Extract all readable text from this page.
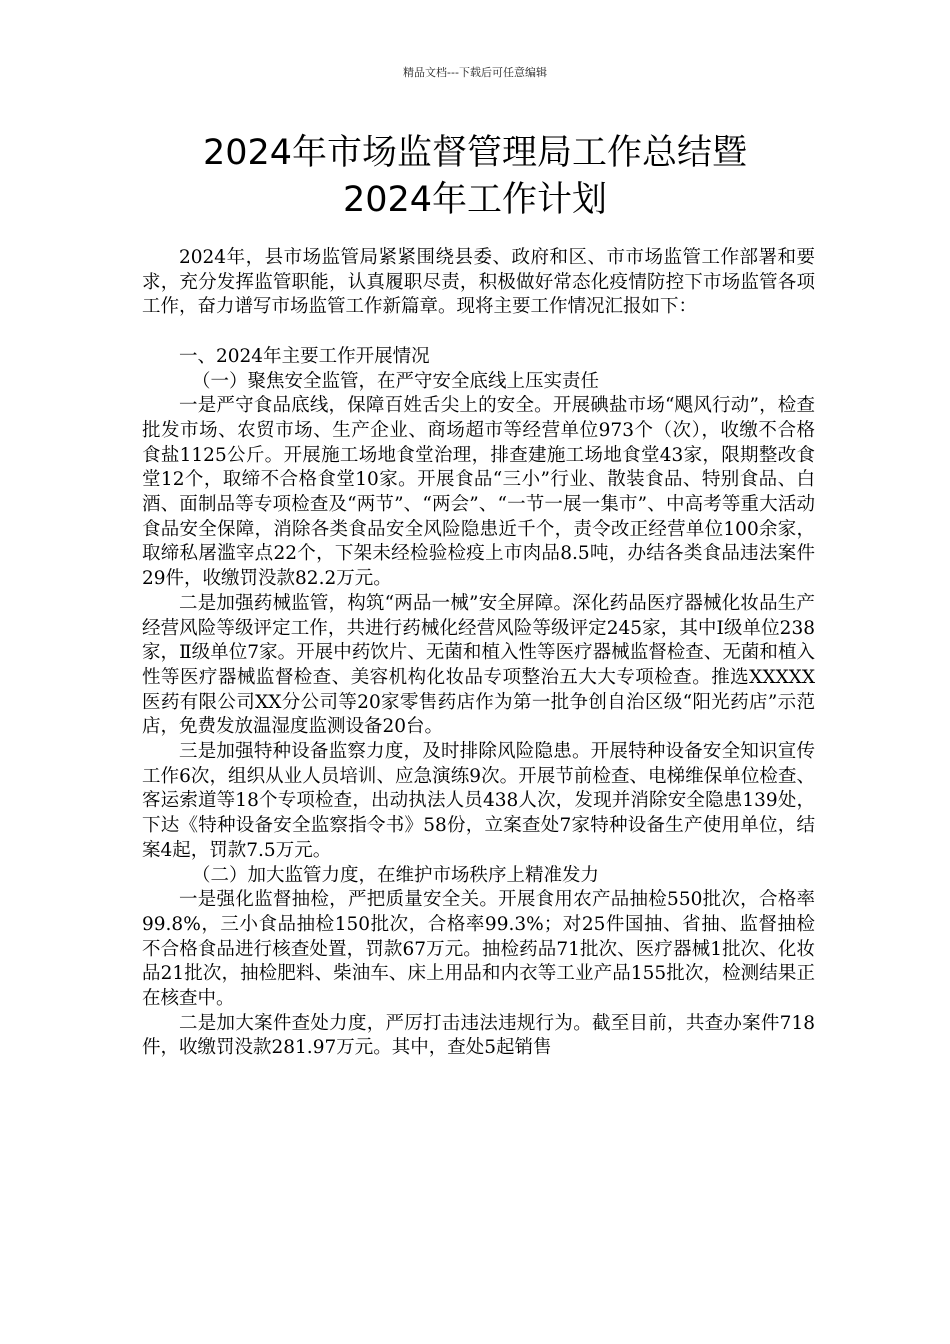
精品文档---下载后可任意编辑
2024年市场监督管理局工作总结暨
2024年工作计划

2024年，县市场监管局紧紧围绕县委、政府和区、市市场监管工作部署和要求，充分发挥监管职能，认真履职尽责，积极做好常态化疫情防控下市场监管各项工作，奋力谱写市场监管工作新篇章。现将主要工作情况汇报如下：

一、2024年主要工作开展情况

（一）聚焦安全监管，在严守安全底线上压实责任

一是严守食品底线，保障百姓舌尖上的安全。开展碘盐市场“飓风行动”，检查批发市场、农贸市场、生产企业、商场超市等经营单位973个（次），收缴不合格食盐1125公斤。开展施工场地食堂治理，排查建施工场地食堂43家，限期整改食堂12个，取缔不合格食堂10家。开展食品“三小”行业、散装食品、特别食品、白酒、面制品等专项检查及“两节”、“两会”、“一节一展一集市”、中高考等重大活动食品安全保障，消除各类食品安全风险隐患近千个，责令改正经营单位100余家，取缔私屠滥宰点22个，下架未经检验检疫上市肉品8.5吨，办结各类食品违法案件29件，收缴罚没款82.2万元。

二是加强药械监管，构筑“两品一械”安全屏障。深化药品医疗器械化妆品生产经营风险等级评定工作，共进行药械化经营风险等级评定245家，其中Ⅰ级单位238家，Ⅱ级单位7家。开展中药饮片、无菌和植入性等医疗器械监督检查、无菌和植入性等医疗器械监督检查、美容机构化妆品专项整治五大大专项检查。推选XXXXX医药有限公司XX分公司等20家零售药店作为第一批争创自治区级“阳光药店”示范店，免费发放温湿度监测设备20台。

三是加强特种设备监察力度，及时排除风险隐患。开展特种设备安全知识宣传工作6次，组织从业人员培训、应急演练9次。开展节前检查、电梯维保单位检查、客运索道等18个专项检查，出动执法人员438人次，发现并消除安全隐患139处，下达《特种设备安全监察指令书》58份，立案查处7家特种设备生产使用单位，结案4起，罚款7.5万元。

（二）加大监管力度，在维护市场秩序上精准发力

一是强化监督抽检，严把质量安全关。开展食用农产品抽检550批次，合格率99.8%，三小食品抽检150批次，合格率99.3%；对25件国抽、省抽、监督抽检不合格食品进行核查处置，罚款67万元。抽检药品71批次、医疗器械1批次、化妆品21批次，抽检肥料、柴油车、床上用品和内衣等工业产品155批次，检测结果正在核查中。

二是加大案件查处力度，严厉打击违法违规行为。截至目前，共查办案件718件，收缴罚没款281.97万元。其中，查处5起销售
